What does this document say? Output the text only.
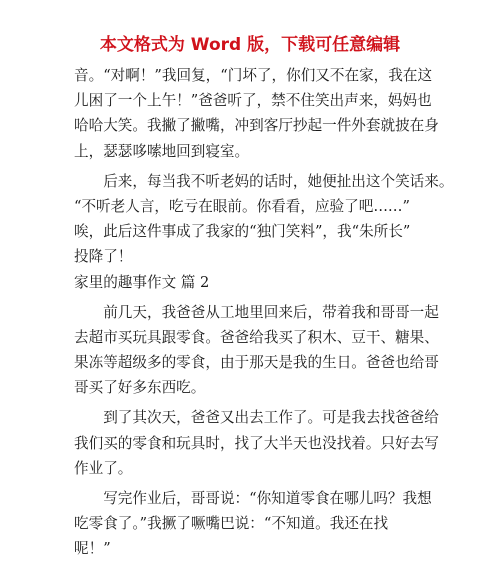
本文格式为 Word 版，下载可任意编辑
音。“对啊！”我回复，“门坏了，你们又不在家，我在这
儿困了一个上午！”爸爸听了，禁不住笑出声来，妈妈也
哈哈大笑。我撇了撇嘴，冲到客厅抄起一件外套就披在身
上，瑟瑟哆嗦地回到寝室。
后来，每当我不听老妈的话时，她便扯出这个笑话来。
“不听老人言，吃亏在眼前。你看看，应验了吧……”
唉，此后这件事成了我家的“独门笑料”，我“朱所长”
投降了！
家里的趣事作文 篇 2
前几天，我爸爸从工地里回来后，带着我和哥哥一起
去超市买玩具跟零食。爸爸给我买了积木、豆干、糖果、
果冻等超级多的零食，由于那天是我的生日。爸爸也给哥
哥买了好多东西吃。
到了其次天，爸爸又出去工作了。可是我去找爸爸给
我们买的零食和玩具时，找了大半天也没找着。只好去写
作业了。
写完作业后，哥哥说：“你知道零食在哪儿吗？我想
吃零食了。”我撅了噘嘴巴说：“不知道。我还在找
呢！”
